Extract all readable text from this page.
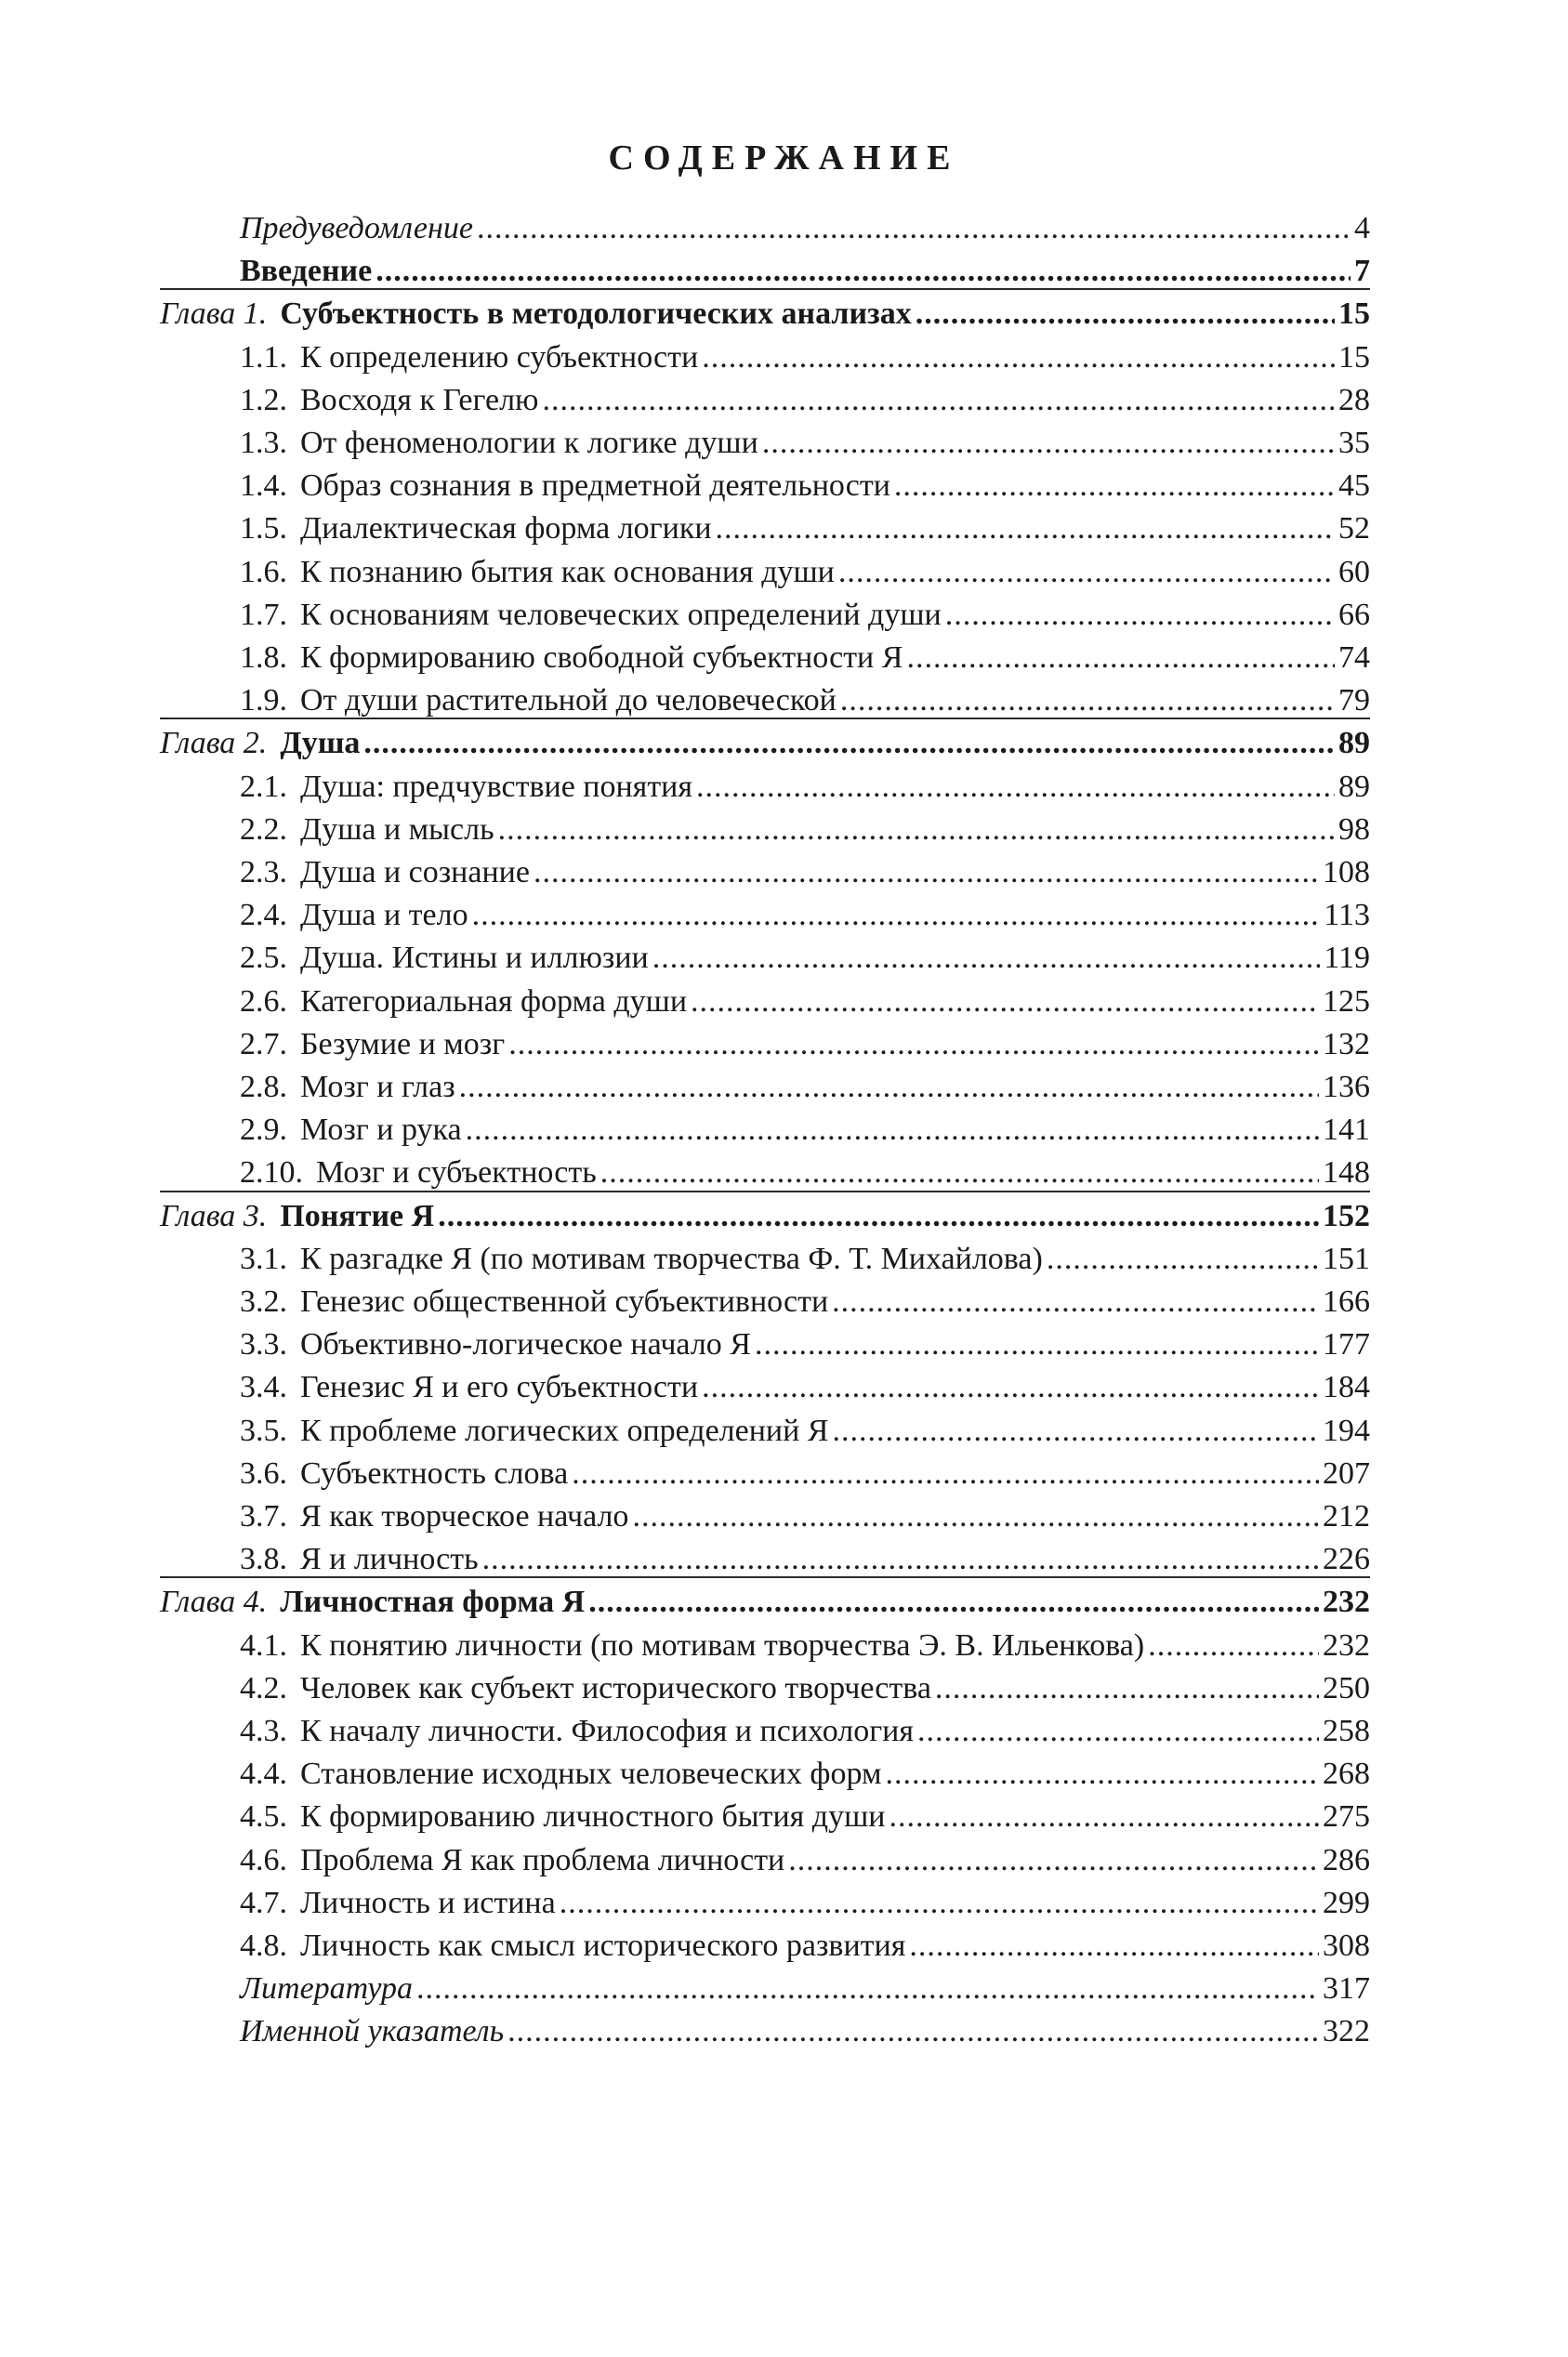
СОДЕРЖАНИЕ
Предуведомление .....	4
Введение .....	7
Глава 1. Субъектность в методологических анализах .....	15
1.1. К определению субъектности .....	15
1.2. Восходя к Гегелю .....	28
1.3. От феноменологии к логике души .....	35
1.4. Образ сознания в предметной деятельности .....	45
1.5. Диалектическая форма логики .....	52
1.6. К познанию бытия как основания души .....	60
1.7. К основаниям человеческих определений души .....	66
1.8. К формированию свободной субъектности Я .....	74
1.9. От души растительной до человеческой .....	79
Глава 2. Душа .....	89
2.1. Душа: предчувствие понятия .....	89
2.2. Душа и мысль .....	98
2.3. Душа и сознание .....	108
2.4. Душа и тело .....	113
2.5. Душа. Истины и иллюзии .....	119
2.6. Категориальная форма души .....	125
2.7. Безумие и мозг .....	132
2.8. Мозг и глаз .....	136
2.9. Мозг и рука .....	141
2.10. Мозг и субъектность .....	148
Глава 3. Понятие Я .....	152
3.1. К разгадке Я (по мотивам творчества Ф. Т. Михайлова) .....	151
3.2. Генезис общественной субъективности .....	166
3.3. Объективно-логическое начало Я .....	177
3.4. Генезис Я и его субъектности .....	184
3.5. К проблеме логических определений Я .....	194
3.6. Субъектность слова .....	207
3.7. Я как творческое начало .....	212
3.8. Я и личность .....	226
Глава 4. Личностная форма Я .....	232
4.1. К понятию личности (по мотивам творчества Э. В. Ильенкова) .....	232
4.2. Человек как субъект исторического творчества .....	250
4.3. К началу личности. Философия и психология .....	258
4.4. Становление исходных человеческих форм .....	268
4.5. К формированию личностного бытия души .....	275
4.6. Проблема Я как проблема личности .....	286
4.7. Личность и истина .....	299
4.8. Личность как смысл исторического развития .....	308
Литература .....	317
Именной указатель .....	322
